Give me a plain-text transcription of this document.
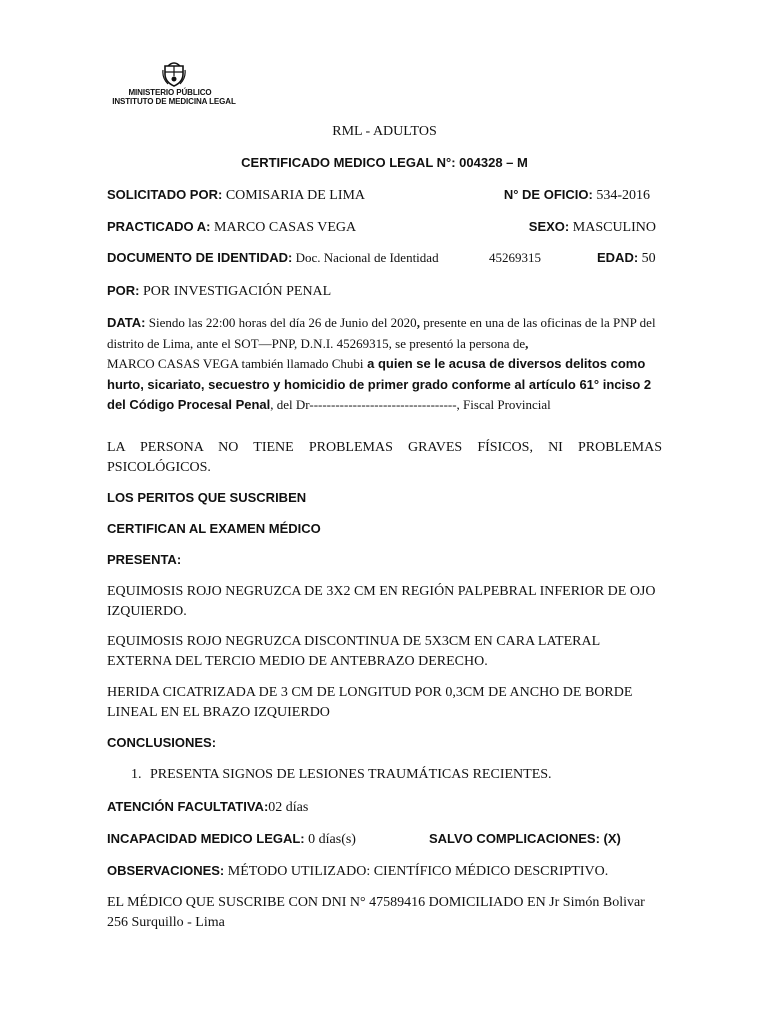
MINISTERIO PÚBLICO
INSTITUTO DE MEDICINA LEGAL
RML - ADULTOS
CERTIFICADO MEDICO LEGAL N°: 004328 – M
SOLICITADO POR: COMISARIA DE LIMA	N° DE OFICIO: 534-2016
PRACTICADO A: MARCO CASAS VEGA	SEXO: MASCULINO
DOCUMENTO DE IDENTIDAD: Doc. Nacional de Identidad	45269315	EDAD: 50
POR: POR INVESTIGACIÓN PENAL
DATA: Siendo las 22:00 horas del día 26 de Junio del 2020, presente en una de las oficinas de la PNP del distrito de Lima, ante el SOT—PNP, D.N.I. 45269315, se presentó la persona de,
MARCO CASAS VEGA también llamado Chubi a quien se le acusa de diversos delitos como hurto, sicariato, secuestro y homicidio de primer grado conforme al artículo 61° inciso 2 del Código Procesal Penal, del Dr----------------------------------, Fiscal Provincial
LA PERSONA NO TIENE PROBLEMAS GRAVES FÍSICOS, NI PROBLEMAS PSICOLÓGICOS.
LOS PERITOS QUE SUSCRIBEN
CERTIFICAN AL EXAMEN MÉDICO
PRESENTA:
EQUIMOSIS ROJO NEGRUZCA DE 3X2 CM EN REGIÓN PALPEBRAL INFERIOR DE OJO IZQUIERDO.
EQUIMOSIS ROJO NEGRUZCA DISCONTINUA DE 5X3CM EN CARA LATERAL EXTERNA DEL TERCIO MEDIO DE ANTEBRAZO DERECHO.
HERIDA CICATRIZADA DE 3 CM DE LONGITUD POR 0,3CM DE ANCHO DE BORDE LINEAL EN EL BRAZO IZQUIERDO
CONCLUSIONES:
1. PRESENTA SIGNOS DE LESIONES TRAUMÁTICAS RECIENTES.
ATENCIÓN FACULTATIVA:02 días
INCAPACIDAD MEDICO LEGAL: 0 días(s)	SALVO COMPLICACIONES: (X)
OBSERVACIONES: MÉTODO UTILIZADO: CIENTÍFICO MÉDICO DESCRIPTIVO.
EL MÉDICO QUE SUSCRIBE CON DNI N° 47589416 DOMICILIADO EN Jr Simón Bolivar 256 Surquillo - Lima
